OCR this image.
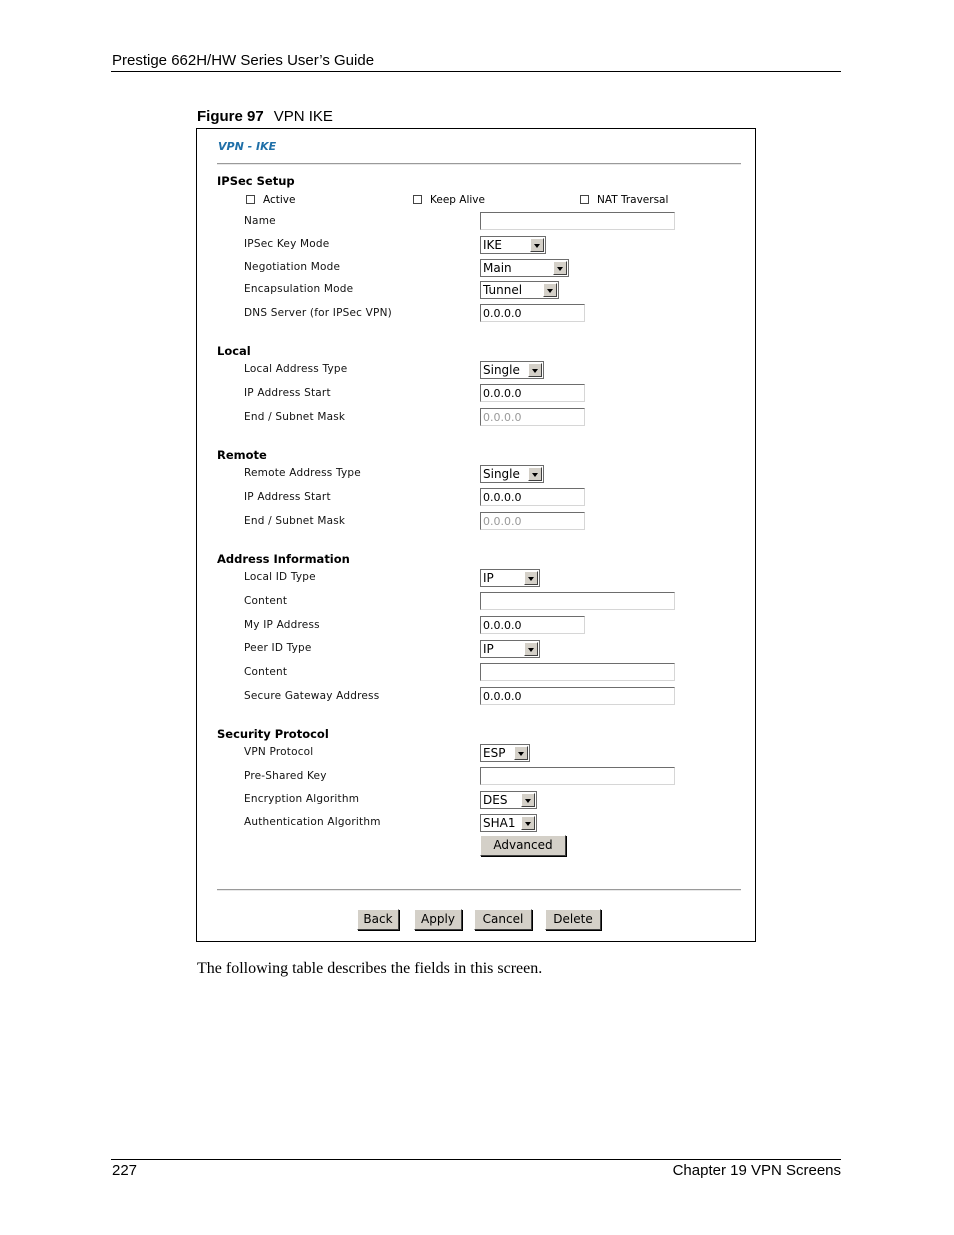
Prestige 662H/HW Series User’s Guide
Figure 97 VPN IKE
VPN - IKE
IPSec Setup
Active	Keep Alive	NAT Traversal
Name
IPSec Key Mode	IKE
Negotiation Mode	Main
Encapsulation Mode	Tunnel
DNS Server (for IPSec VPN)	0.0.0.0
Local
Local Address Type	Single
IP Address Start	0.0.0.0
End / Subnet Mask	0.0.0.0
Remote
Remote Address Type	Single
IP Address Start	0.0.0.0
End / Subnet Mask	0.0.0.0
Address Information
Local ID Type	IP
Content
My IP Address	0.0.0.0
Peer ID Type	IP
Content
Secure Gateway Address	0.0.0.0
Security Protocol
VPN Protocol	ESP
Pre-Shared Key
Encryption Algorithm	DES
Authentication Algorithm	SHA1
Advanced
Back	Apply	Cancel	Delete
The following table describes the fields in this screen.
227	Chapter 19 VPN Screens
